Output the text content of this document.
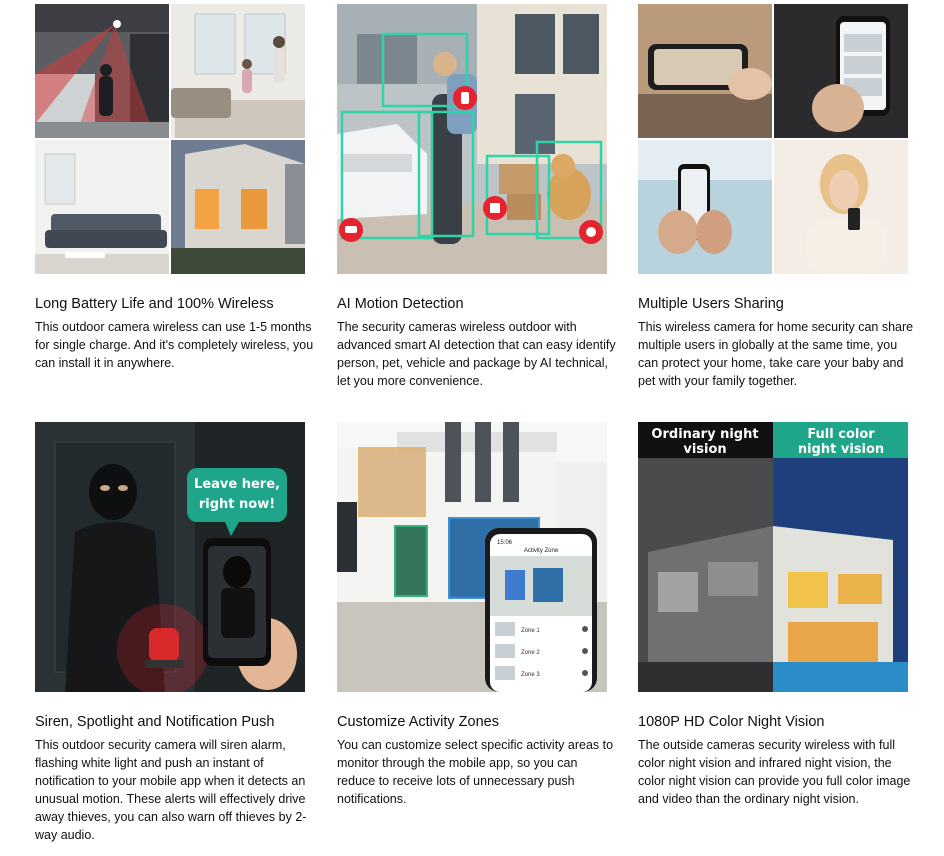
Long Battery Life and 100% Wireless
This outdoor camera wireless can use 1-5 months for single charge. And it's completely wireless, you can install it in anywhere.
AI Motion Detection
The security cameras wireless outdoor with advanced smart AI detection that can easy identify person, pet, vehicle and package by AI technical, let you more convenience.
Multiple Users Sharing
This wireless camera for home security can share multiple users in globally at the same time, you can protect your home, take care your baby and pet with your family together.
Leave here,
right now!
Siren, Spotlight and Notification Push
This outdoor security camera will siren alarm, flashing white light and push an instant of notification to your mobile app when it detects an unusual motion. These alerts will effectively drive away thieves, you can also warn off thieves by 2-way audio.
15:06
Activity Zone
Zone 1
Zone 2
Zone 3
Customize Activity Zones
You can customize select specific activity areas to monitor through the mobile app, so you can reduce to receive lots of unnecessary push notifications.
Ordinary night
vision
Full color
night vision
1080P HD Color Night Vision
The outside cameras security wireless with full color night vision and infrared night vision, the color night vision can provide you full color image and video than the ordinary night vision.
